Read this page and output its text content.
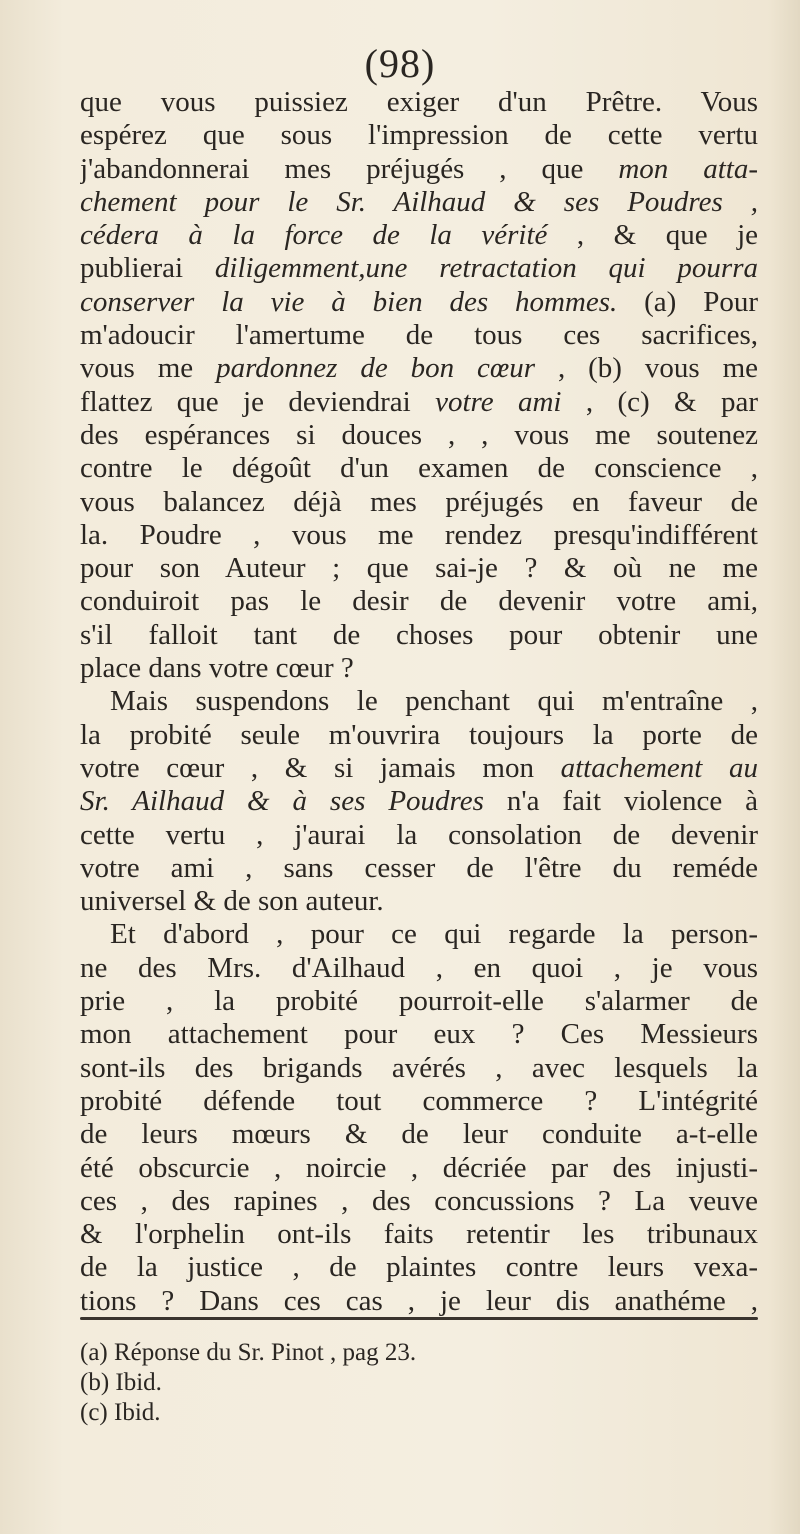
(98)
que vous puissiez exiger d'un Prêtre. Vous
espérez que sous l'impression de cette vertu
j'abandonnerai mes préjugés , que mon atta-
chement pour le Sr. Ailhaud & ses Poudres ,
cédera à la force de la vérité , & que je
publierai diligemment,une retractation qui pourra
conserver la vie à bien des hommes. (a) Pour
m'adoucir l'amertume de tous ces sacrifices,
vous me pardonnez de bon cœur , (b) vous me
flattez que je deviendrai votre ami , (c) & par
des espérances si douces , , vous me soutenez
contre le dégoût d'un examen de conscience ,
vous balancez déjà mes préjugés en faveur de
la. Poudre , vous me rendez presqu'indifférent
pour son Auteur ; que sai-je ? & où ne me
conduiroit pas le desir de devenir votre ami,
s'il falloit tant de choses pour obtenir une
place dans votre cœur ?
Mais suspendons le penchant qui m'entraîne ,
la probité seule m'ouvrira toujours la porte de
votre cœur , & si jamais mon attachement au
Sr. Ailhaud & à ses Poudres n'a fait violence à
cette vertu , j'aurai la consolation de devenir
votre ami , sans cesser de l'être du reméde
universel & de son auteur.
Et d'abord , pour ce qui regarde la person-
ne des Mrs. d'Ailhaud , en quoi , je vous
prie , la probité pourroit-elle s'alarmer de
mon attachement pour eux ? Ces Messieurs
sont-ils des brigands avérés , avec lesquels la
probité défende tout commerce ? L'intégrité
de leurs mœurs & de leur conduite a-t-elle
été obscurcie , noircie , décriée par des injusti-
ces , des rapines , des concussions ? La veuve
& l'orphelin ont-ils faits retentir les tribunaux
de la justice , de plaintes contre leurs vexa-
tions ? Dans ces cas , je leur dis anathéme ,
(a) Réponse du Sr. Pinot , pag 23.
(b) Ibid.
(c) Ibid.
